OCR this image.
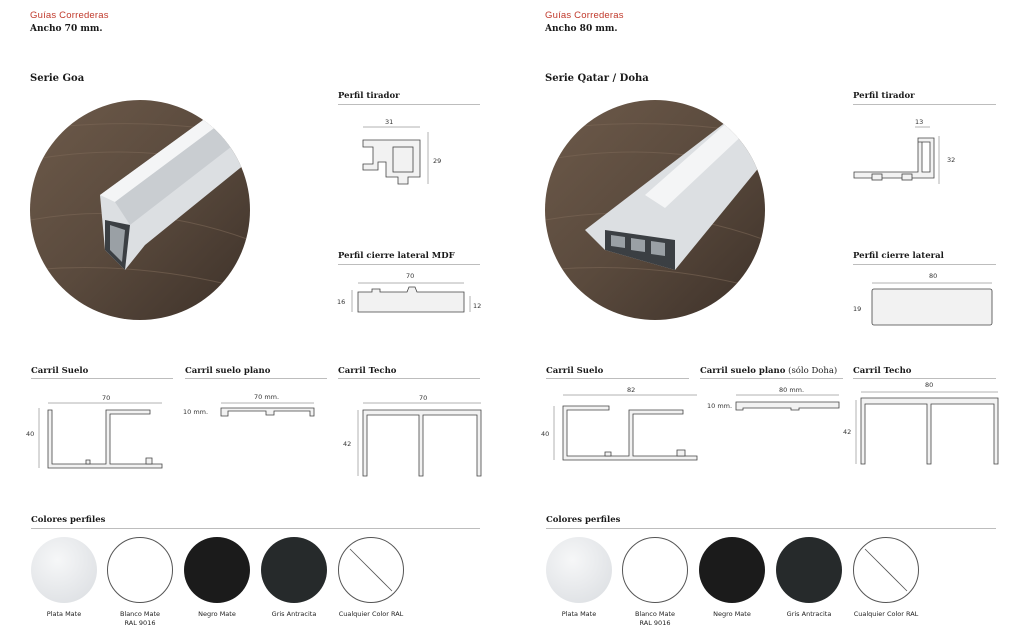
Guías Correderas
Ancho 70 mm.
Serie Goa
Perfil tirador
31
29
Perfil cierre lateral MDF
70
16	12
Carril Suelo
70
40
Carril suelo plano
70 mm.
10 mm.
Carril Techo
70
42
Colores perfiles
Plata Mate	Blanco Mate
RAL 9016
Negro Mate	Gris Antracita	Cualquier Color RAL
Guías Correderas
Ancho 80 mm.
Serie Qatar / Doha
Perfil tirador
13
32
Perfil cierre lateral
80
19
Carril Suelo
82
40
Carril suelo plano (sólo Doha)
80 mm.
10 mm.
Carril Techo
80
42
Colores perfiles
Plata Mate	Blanco Mate
RAL 9016
Negro Mate	Gris Antracita	Cualquier Color RAL
